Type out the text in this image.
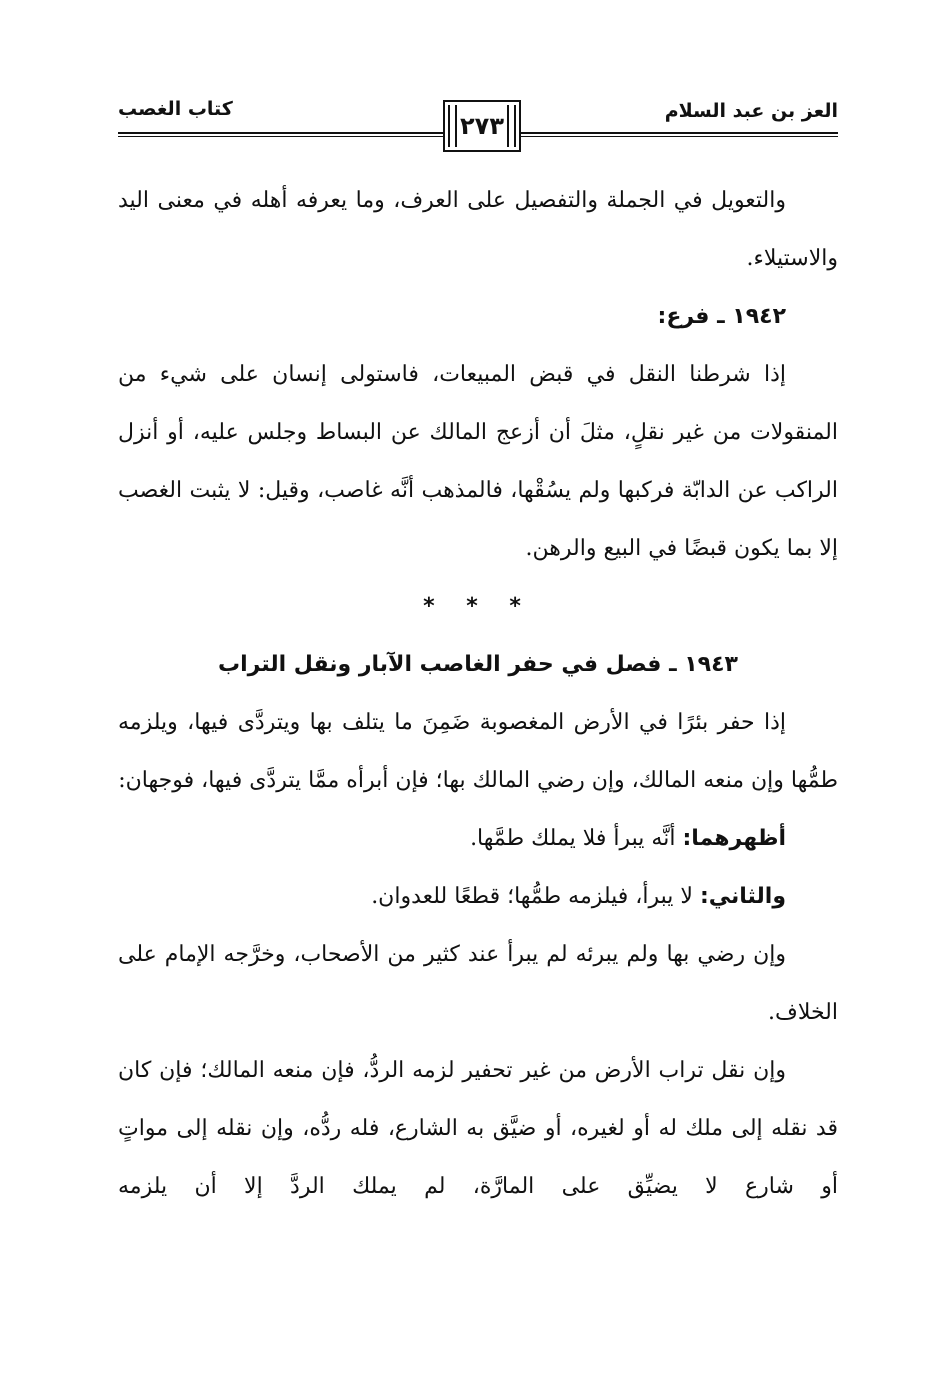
العز بن عبد السلام
٢٧٣
كتاب الغصب

والتعويل في الجملة والتفصيل على العرف، وما يعرفه أهله في معنى اليد والاستيلاء.

١٩٤٢ ـ فرع:

إذا شرطنا النقل في قبض المبيعات، فاستولى إنسان على شيء من المنقولات من غير نقلٍ، مثلَ أن أزعج المالك عن البساط وجلس عليه، أو أنزل الراكب عن الدابّة فركبها ولم يسُقْها، فالمذهب أنَّه غاصب، وقيل: لا يثبت الغصب إلا بما يكون قبضًا في البيع والرهن.

* * *

١٩٤٣ ـ فصل في حفر الغاصب الآبار ونقل التراب

إذا حفر بئرًا في الأرض المغصوبة ضَمِنَ ما يتلف بها ويتردَّى فيها، ويلزمه طمُّها وإن منعه المالك، وإن رضي المالك بها؛ فإن أبرأه ممَّا يتردَّى فيها، فوجهان:

أظهرهما: أنَّه يبرأ فلا يملك طمَّها.

والثاني: لا يبرأ، فيلزمه طمُّها؛ قطعًا للعدوان.

وإن رضي بها ولم يبرئه لم يبرأ عند كثير من الأصحاب، وخرَّجه الإمام على الخلاف.

وإن نقل تراب الأرض من غير تحفير لزمه الردُّ، فإن منعه المالك؛ فإن كان قد نقله إلى ملك له أو لغيره، أو ضيَّق به الشارع، فله ردُّه، وإن نقله إلى مواتٍ أو شارع لا يضيِّق على المارَّة، لم يملك الردَّ إلا أن يلزمه
